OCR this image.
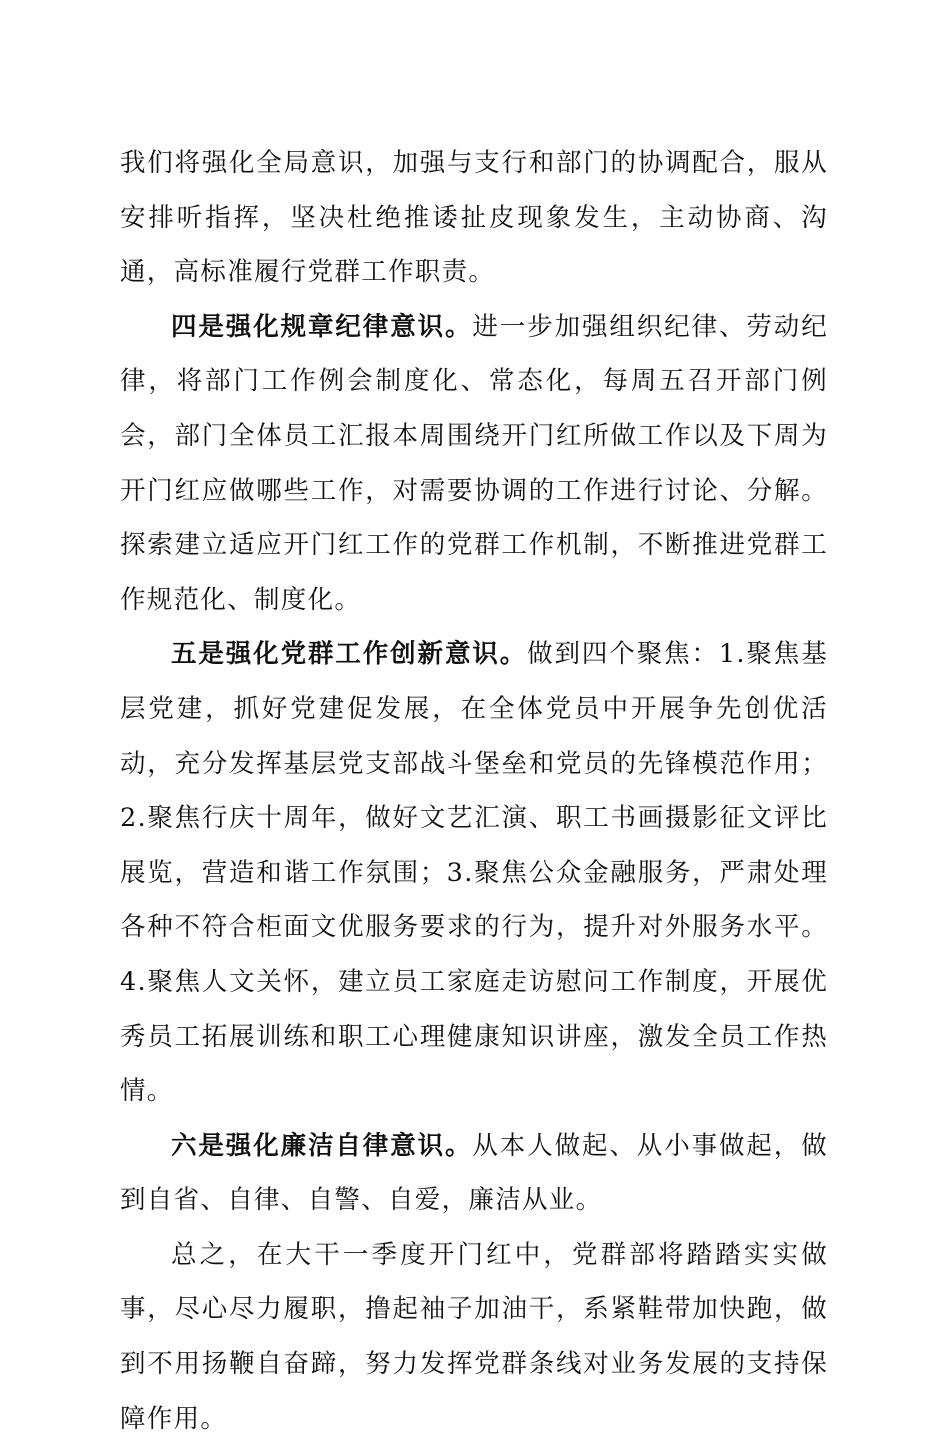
我们将强化全局意识，加强与支行和部门的协调配合，服从安排听指挥，坚决杜绝推诿扯皮现象发生，主动协商、沟通，高标准履行党群工作职责。

四是强化规章纪律意识。进一步加强组织纪律、劳动纪律，将部门工作例会制度化、常态化，每周五召开部门例会，部门全体员工汇报本周围绕开门红所做工作以及下周为开门红应做哪些工作，对需要协调的工作进行讨论、分解。探索建立适应开门红工作的党群工作机制，不断推进党群工作规范化、制度化。

五是强化党群工作创新意识。做到四个聚焦：1.聚焦基层党建，抓好党建促发展，在全体党员中开展争先创优活动，充分发挥基层党支部战斗堡垒和党员的先锋模范作用；2.聚焦行庆十周年，做好文艺汇演、职工书画摄影征文评比展览，营造和谐工作氛围；3.聚焦公众金融服务，严肃处理各种不符合柜面文优服务要求的行为，提升对外服务水平。4.聚焦人文关怀，建立员工家庭走访慰问工作制度，开展优秀员工拓展训练和职工心理健康知识讲座，激发全员工作热情。

六是强化廉洁自律意识。从本人做起、从小事做起，做到自省、自律、自警、自爱，廉洁从业。

总之，在大干一季度开门红中，党群部将踏踏实实做事，尽心尽力履职，撸起袖子加油干，系紧鞋带加快跑，做到不用扬鞭自奋蹄，努力发挥党群条线对业务发展的支持保障作用。
